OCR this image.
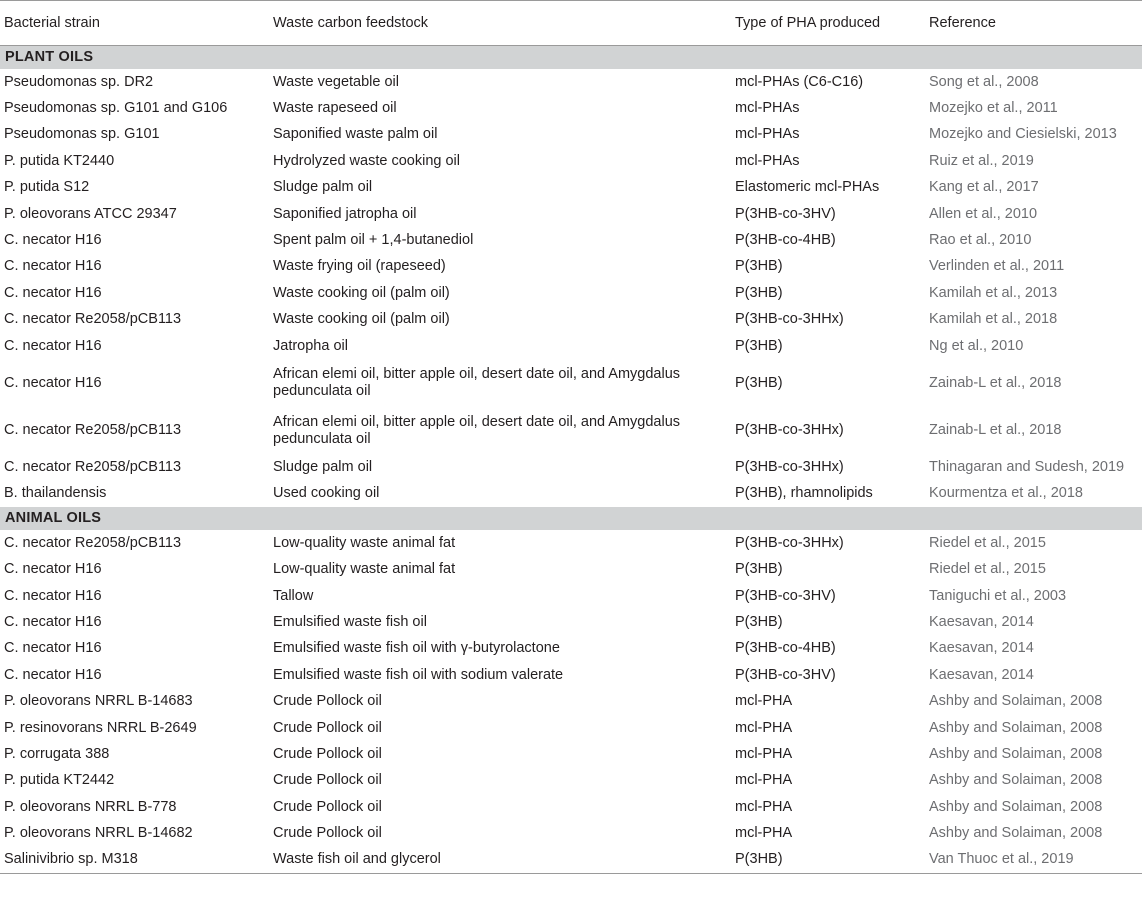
Bacterial strain	Waste carbon feedstock	Type of PHA produced	Reference
PLANT OILS			
Pseudomonas sp. DR2	Waste vegetable oil	mcl-PHAs (C6-C16)	Song et al., 2008
Pseudomonas sp. G101 and G106	Waste rapeseed oil	mcl-PHAs	Mozejko et al., 2011
Pseudomonas sp. G101	Saponified waste palm oil	mcl-PHAs	Mozejko and Ciesielski, 2013
P. putida KT2440	Hydrolyzed waste cooking oil	mcl-PHAs	Ruiz et al., 2019
P. putida S12	Sludge palm oil	Elastomeric mcl-PHAs	Kang et al., 2017
P. oleovorans ATCC 29347	Saponified jatropha oil	P(3HB-co-3HV)	Allen et al., 2010
C. necator H16	Spent palm oil + 1,4-butanediol	P(3HB-co-4HB)	Rao et al., 2010
C. necator H16	Waste frying oil (rapeseed)	P(3HB)	Verlinden et al., 2011
C. necator H16	Waste cooking oil (palm oil)	P(3HB)	Kamilah et al., 2013
C. necator Re2058/pCB113	Waste cooking oil (palm oil)	P(3HB-co-3HHx)	Kamilah et al., 2018
C. necator H16	Jatropha oil	P(3HB)	Ng et al., 2010
C. necator H16	African elemi oil, bitter apple oil, desert date oil, and Amygdalus pedunculata oil	P(3HB)	Zainab-L et al., 2018
C. necator Re2058/pCB113	African elemi oil, bitter apple oil, desert date oil, and Amygdalus pedunculata oil	P(3HB-co-3HHx)	Zainab-L et al., 2018
C. necator Re2058/pCB113	Sludge palm oil	P(3HB-co-3HHx)	Thinagaran and Sudesh, 2019
B. thailandensis	Used cooking oil	P(3HB), rhamnolipids	Kourmentza et al., 2018
ANIMAL OILS			
C. necator Re2058/pCB113	Low-quality waste animal fat	P(3HB-co-3HHx)	Riedel et al., 2015
C. necator H16	Low-quality waste animal fat	P(3HB)	Riedel et al., 2015
C. necator H16	Tallow	P(3HB-co-3HV)	Taniguchi et al., 2003
C. necator H16	Emulsified waste fish oil	P(3HB)	Kaesavan, 2014
C. necator H16	Emulsified waste fish oil with γ-butyrolactone	P(3HB-co-4HB)	Kaesavan, 2014
C. necator H16	Emulsified waste fish oil with sodium valerate	P(3HB-co-3HV)	Kaesavan, 2014
P. oleovorans NRRL B-14683	Crude Pollock oil	mcl-PHA	Ashby and Solaiman, 2008
P. resinovorans NRRL B-2649	Crude Pollock oil	mcl-PHA	Ashby and Solaiman, 2008
P. corrugata 388	Crude Pollock oil	mcl-PHA	Ashby and Solaiman, 2008
P. putida KT2442	Crude Pollock oil	mcl-PHA	Ashby and Solaiman, 2008
P. oleovorans NRRL B-778	Crude Pollock oil	mcl-PHA	Ashby and Solaiman, 2008
P. oleovorans NRRL B-14682	Crude Pollock oil	mcl-PHA	Ashby and Solaiman, 2008
Salinivibrio sp. M318	Waste fish oil and glycerol	P(3HB)	Van Thuoc et al., 2019
